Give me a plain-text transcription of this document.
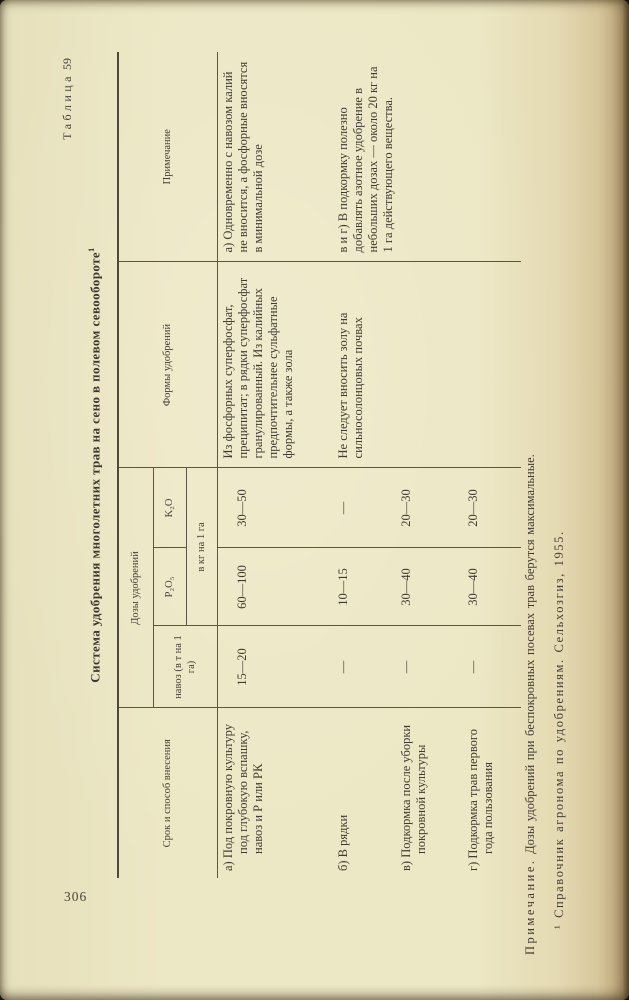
306
Таблица 59
Система удобрения многолетних трав на сено в полевом севообороте$^1$
Срок и способ внесения	Дозы удобрений			Формы удобрений	Примечание
	навоз (в т на 1 га)	P₂O₅	K₂O		
		в кг на 1 га			
а) Под покровную культуру под глубокую вспашку, навоз и Р или РК	15—20	60—100	30—50	Из фосфорных суперфосфат, преципитат; в рядки суперфосфат гранулированный. Из калийных предпочтительнее сульфатные формы, а также зола	а) Одновременно с навозом калий не вносится, а фосфорные вносятся в минимальной дозе
б) В рядки	—	10—15	—	Не следует вносить золу на сильносолонцовых почвах	в и г) В подкормку полезно добавлять азотное удобрение в небольших дозах — около 20 кг на 1 га действующего вещества.
в) Подкормка после уборки покровной культуры	—	30—40	20—30		
г) Подкормка трав первого года пользования	—	30—40	20—30		
Примечание. Дозы удобрений при беспокровных посевах трав берутся максимальные. ¹ Справочник агронома по удобрениям. Сельхозгиз, 1955.
